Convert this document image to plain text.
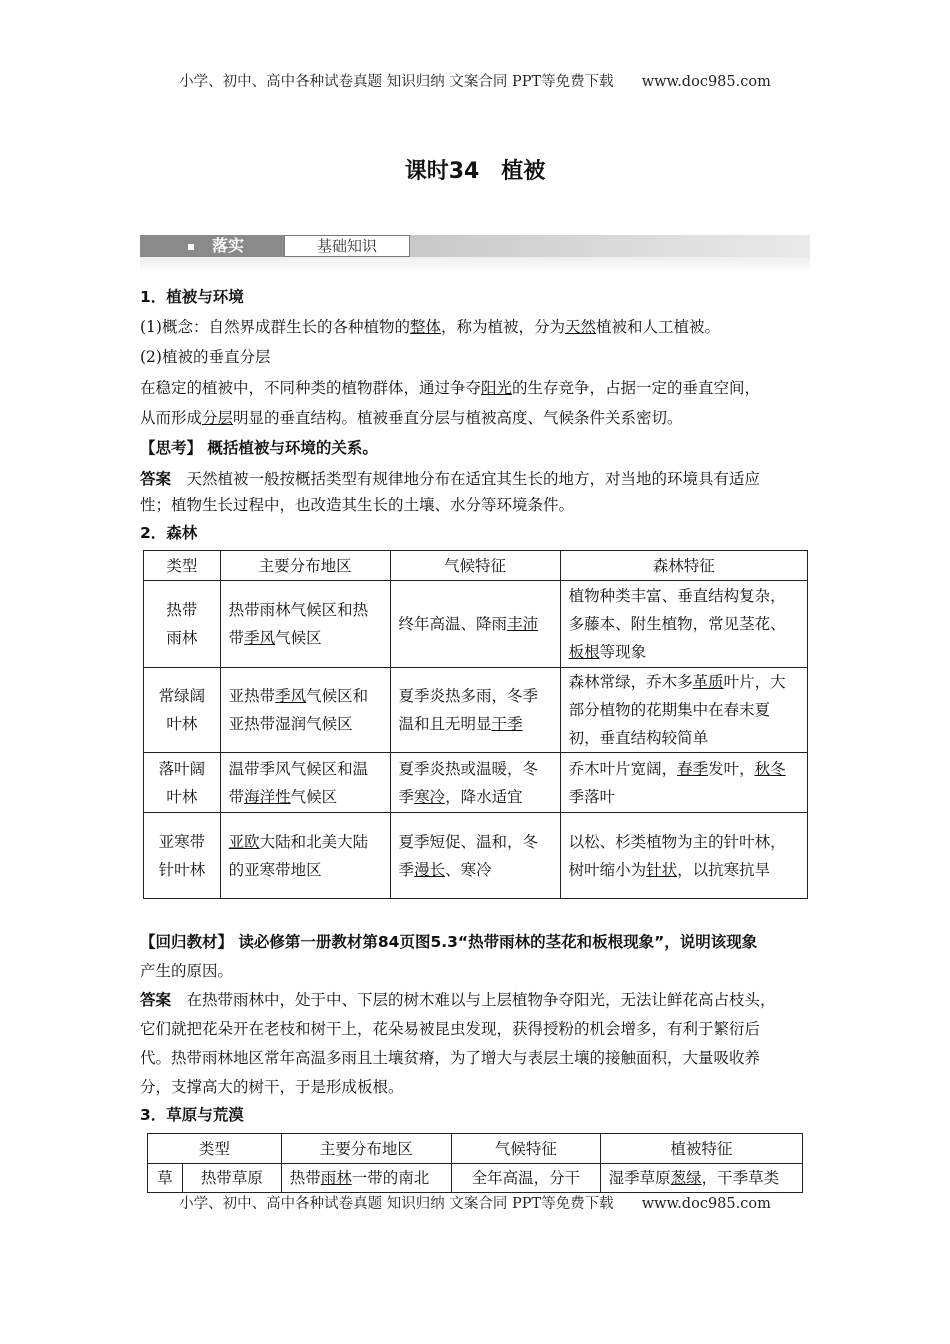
小学、初中、高中各种试卷真题 知识归纳 文案合同 PPT等免费下载 www.doc985.com
课时34　植被
落实	基础知识
1．植被与环境
(1)概念：自然界成群生长的各种植物的整体，称为植被，分为天然植被和人工植被。
(2)植被的垂直分层
在稳定的植被中，不同种类的植物群体，通过争夺阳光的生存竞争，占据一定的垂直空间，
从而形成分层明显的垂直结构。植被垂直分层与植被高度、气候条件关系密切。
【思考】 概括植被与环境的关系。
答案　天然植被一般按概括类型有规律地分布在适宜其生长的地方，对当地的环境具有适应
性；植物生长过程中，也改造其生长的土壤、水分等环境条件。
2．森林
类型	主要分布地区	气候特征	森林特征
热带
雨林	热带雨林气候区和热带季风气候区	终年高温、降雨丰沛	植物种类丰富、垂直结构复杂，多藤本、附生植物，常见茎花、板根等现象
常绿阔叶林	亚热带季风气候区和亚热带湿润气候区	夏季炎热多雨，冬季温和且无明显干季	森林常绿，乔木多革质叶片，大部分植物的花期集中在春末夏初，垂直结构较简单
落叶阔叶林	温带季风气候区和温带海洋性气候区	夏季炎热或温暖，冬季寒冷，降水适宜	乔木叶片宽阔，春季发叶，秋冬季落叶
亚寒带针叶林	亚欧大陆和北美大陆的亚寒带地区	夏季短促、温和，冬季漫长、寒冷	以松、杉类植物为主的针叶林，树叶缩小为针状，以抗寒抗旱
【回归教材】 读必修第一册教材第84页图5.3“热带雨林的茎花和板根现象”，说明该现象
产生的原因。
答案　在热带雨林中，处于中、下层的树木难以与上层植物争夺阳光，无法让鲜花高占枝头，
它们就把花朵开在老枝和树干上，花朵易被昆虫发现，获得授粉的机会增多，有利于繁衍后
代。热带雨林地区常年高温多雨且土壤贫瘠，为了增大与表层土壤的接触面积，大量吸收养
分，支撑高大的树干，于是形成板根。
3．草原与荒漠
类型		主要分布地区	气候特征	植被特征
草	热带草原	热带雨林一带的南北	全年高温，分干	湿季草原葱绿，干季草类
小学、初中、高中各种试卷真题 知识归纳 文案合同 PPT等免费下载 www.doc985.com
